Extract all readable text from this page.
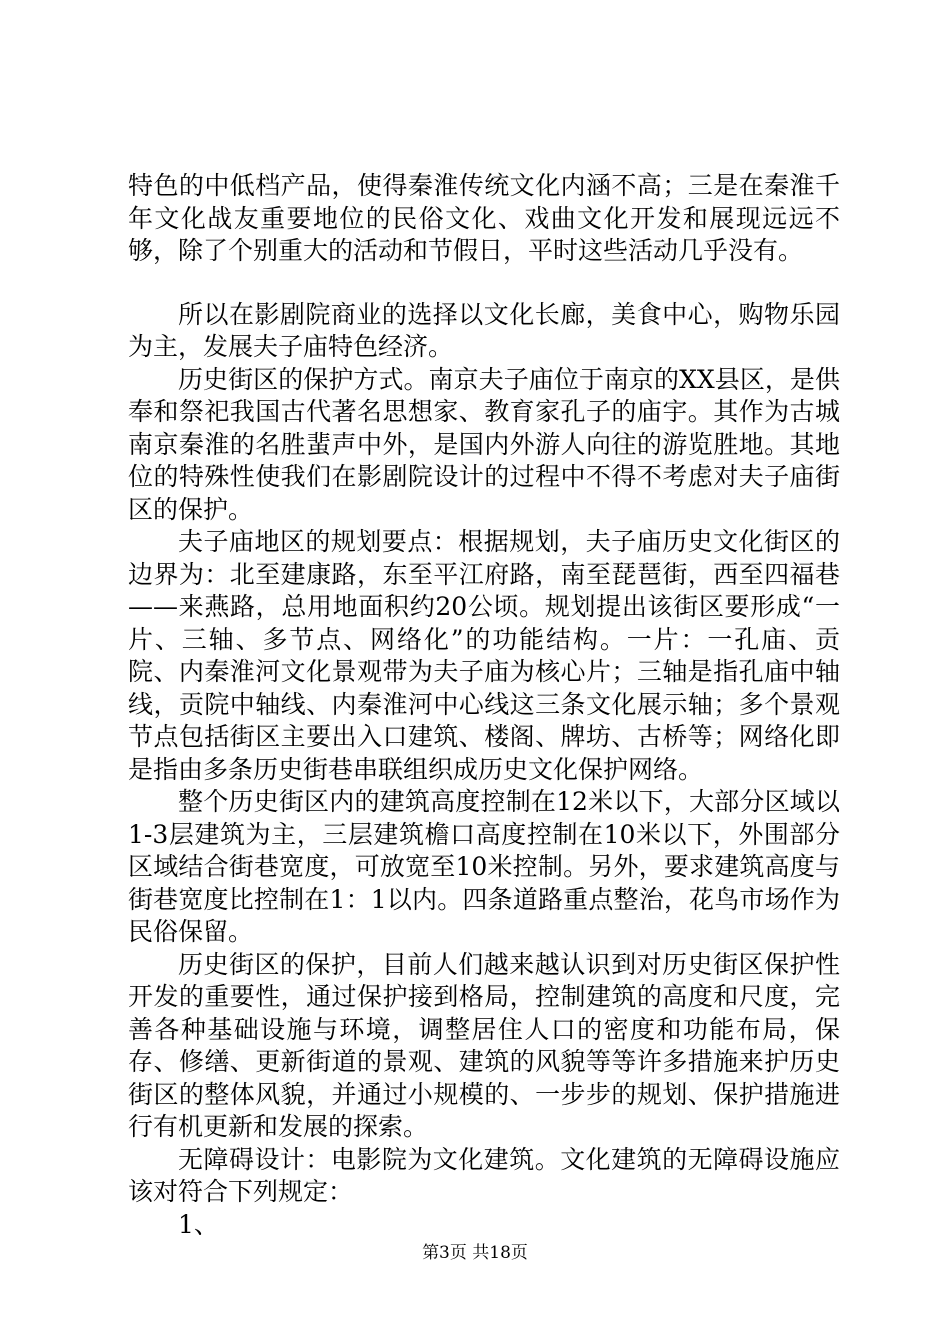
特色的中低档产品，使得秦淮传统文化内涵不高；三是在秦淮千年文化战友重要地位的民俗文化、戏曲文化开发和展现远远不够，除了个别重大的活动和节假日，平时这些活动几乎没有。

所以在影剧院商业的选择以文化长廊，美食中心，购物乐园为主，发展夫子庙特色经济。

历史街区的保护方式。南京夫子庙位于南京的XX县区，是供奉和祭祀我国古代著名思想家、教育家孔子的庙宇。其作为古城南京秦淮的名胜蜚声中外，是国内外游人向往的游览胜地。其地位的特殊性使我们在影剧院设计的过程中不得不考虑对夫子庙街区的保护。

夫子庙地区的规划要点：根据规划，夫子庙历史文化街区的边界为：北至建康路，东至平江府路，南至琵琶街，西至四福巷——来燕路，总用地面积约20公顷。规划提出该街区要形成“一片、三轴、多节点、网络化”的功能结构。一片：一孔庙、贡院、内秦淮河文化景观带为夫子庙为核心片；三轴是指孔庙中轴线，贡院中轴线、内秦淮河中心线这三条文化展示轴；多个景观节点包括街区主要出入口建筑、楼阁、牌坊、古桥等；网络化即是指由多条历史街巷串联组织成历史文化保护网络。

整个历史街区内的建筑高度控制在12米以下，大部分区域以1-3层建筑为主，三层建筑檐口高度控制在10米以下，外围部分区域结合街巷宽度，可放宽至10米控制。另外，要求建筑高度与街巷宽度比控制在1：1以内。四条道路重点整治，花鸟市场作为民俗保留。

历史街区的保护，目前人们越来越认识到对历史街区保护性开发的重要性，通过保护接到格局，控制建筑的高度和尺度，完善各种基础设施与环境，调整居住人口的密度和功能布局，保存、修缮、更新街道的景观、建筑的风貌等等许多措施来护历史街区的整体风貌，并通过小规模的、一步步的规划、保护措施进行有机更新和发展的探索。

无障碍设计：电影院为文化建筑。文化建筑的无障碍设施应该对符合下列规定：

1、

第3页 共18页
